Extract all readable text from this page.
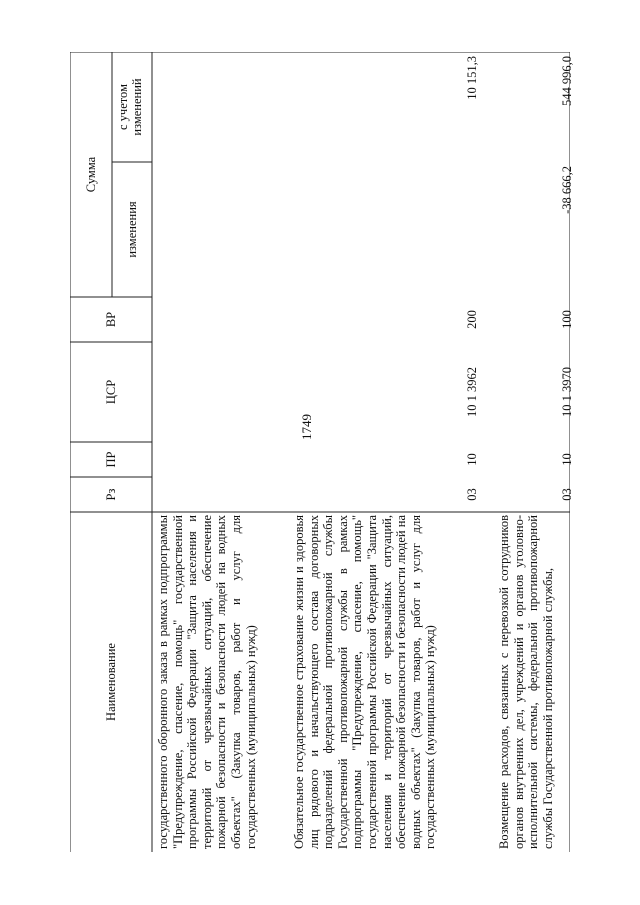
1749
Наименование
Рз
ПР
ЦСР
ВР
Сумма
изменения
с учетом изменений
государственного оборонного заказа в рамках подпрограммы "Предупреждение, спасение, помощь" государственной программы Российской Федерации "Защита населения и территорий от чрезвычайных ситуаций, обеспечение пожарной безопасности и безопасности людей на водных объектах" (Закупка товаров, работ и услуг для государственных (муниципальных) нужд)	Обязательное государственное страхование жизни и здоровья лиц рядового и начальствующего состава договорных подразделений федеральной противопожарной службы Государственной противопожарной службы в рамках подпрограммы "Предупреждение, спасение, помощь" государственной программы Российской Федерации "Защита населения и территорий от чрезвычайных ситуаций, обеспечение пожарной безопасности и безопасности людей на водных объектах" (Закупка товаров, работ и услуг для государственных (муниципальных) нужд)
03
10
10 1 3962
200
10 151,3
Возмещение расходов, связанных с перевозкой сотрудников органов внутренних дел, учреждений и органов уголовно-исполнительной системы, федеральной противопожарной службы Государственной противопожарной службы,
03
10
10 1 3970
100
-38 666,2
544 996,0
